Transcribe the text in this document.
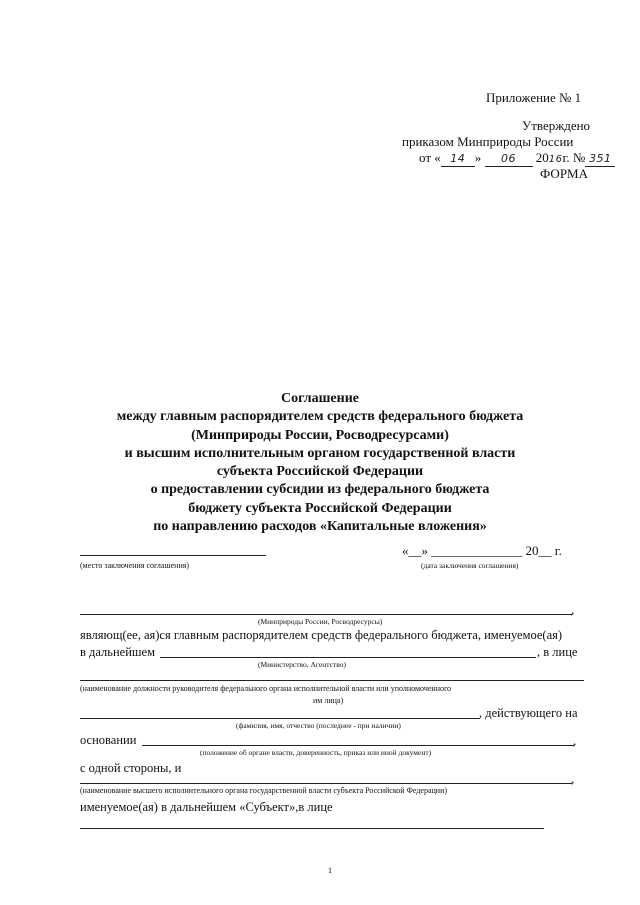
Приложение № 1
Утверждено
приказом Минприроды России
от « 14 » 06 2016г. № 351
ФОРМА
Соглашение
между главным распорядителем средств федерального бюджета
(Минприроды России, Росводресурсами)
и высшим исполнительным органом государственной власти
субъекта Российской Федерации
о предоставлении субсидии из федерального бюджета
бюджету субъекта Российской Федерации
по направлению расходов «Капитальные вложения»
«__» ______________ 20__ г.
(место заключения соглашения)	(дата заключения соглашения)
,
(Минприроды России, Росводресурсы)
являющ(ее, ая)ся главным распорядителем средств федерального бюджета, именуемое(ая)
в дальнейшем	, в лице
(Министерство, Агентство)
(наименование должности руководителя федерального органа исполнительной власти или уполномоченного
им лица)
, действующего на
(фамилия, имя, отчество (последнее - при наличии)
основании	,
(положение об органе власти, доверенность, приказ или иной документ)
с одной стороны, и
,
(наименование высшего исполнительного органа государственной власти субъекта Российской Федерации)
именуемое(ая) в дальнейшем «Субъект»,в лице
1
